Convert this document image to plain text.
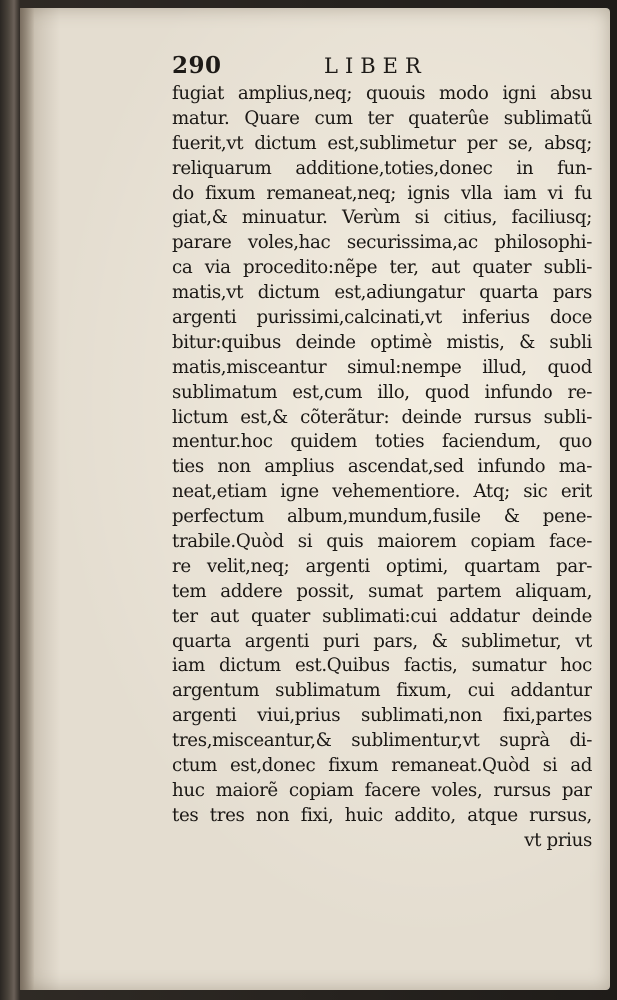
290	LIBER
fugiat amplius,neq; quouis modo igni absu
matur. Quare cum ter quaterûe sublimatũ
fuerit,vt dictum est,sublimetur per se, absq;
reliquarum additione,toties,donec in fun-
do fixum remaneat,neq; ignis vlla iam vi fu
giat,& minuatur. Verùm si citius, faciliusq;
parare voles,hac securissima,ac philosophi-
ca via procedito:nẽpe ter, aut quater subli-
matis,vt dictum est,adiungatur quarta pars
argenti purissimi,calcinati,vt inferius doce
bitur:quibus deinde optimè mistis, & subli
matis,misceantur simul:nempe illud, quod
sublimatum est,cum illo, quod infundo re-
lictum est,& cõterãtur: deinde rursus subli-
mentur.hoc quidem toties faciendum, quo
ties non amplius ascendat,sed infundo ma-
neat,etiam igne vehementiore. Atq; sic erit
perfectum album,mundum,fusile & pene-
trabile.Quòd si quis maiorem copiam face-
re velit,neq; argenti optimi, quartam par-
tem addere possit, sumat partem aliquam,
ter aut quater sublimati:cui addatur deinde
quarta argenti puri pars, & sublimetur, vt
iam dictum est.Quibus factis, sumatur hoc
argentum sublimatum fixum, cui addantur
argenti viui,prius sublimati,non fixi,partes
tres,misceantur,& sublimentur,vt suprà di-
ctum est,donec fixum remaneat.Quòd si ad
huc maiorẽ copiam facere voles, rursus par
tes tres non fixi, huic addito, atque rursus,
vt prius
